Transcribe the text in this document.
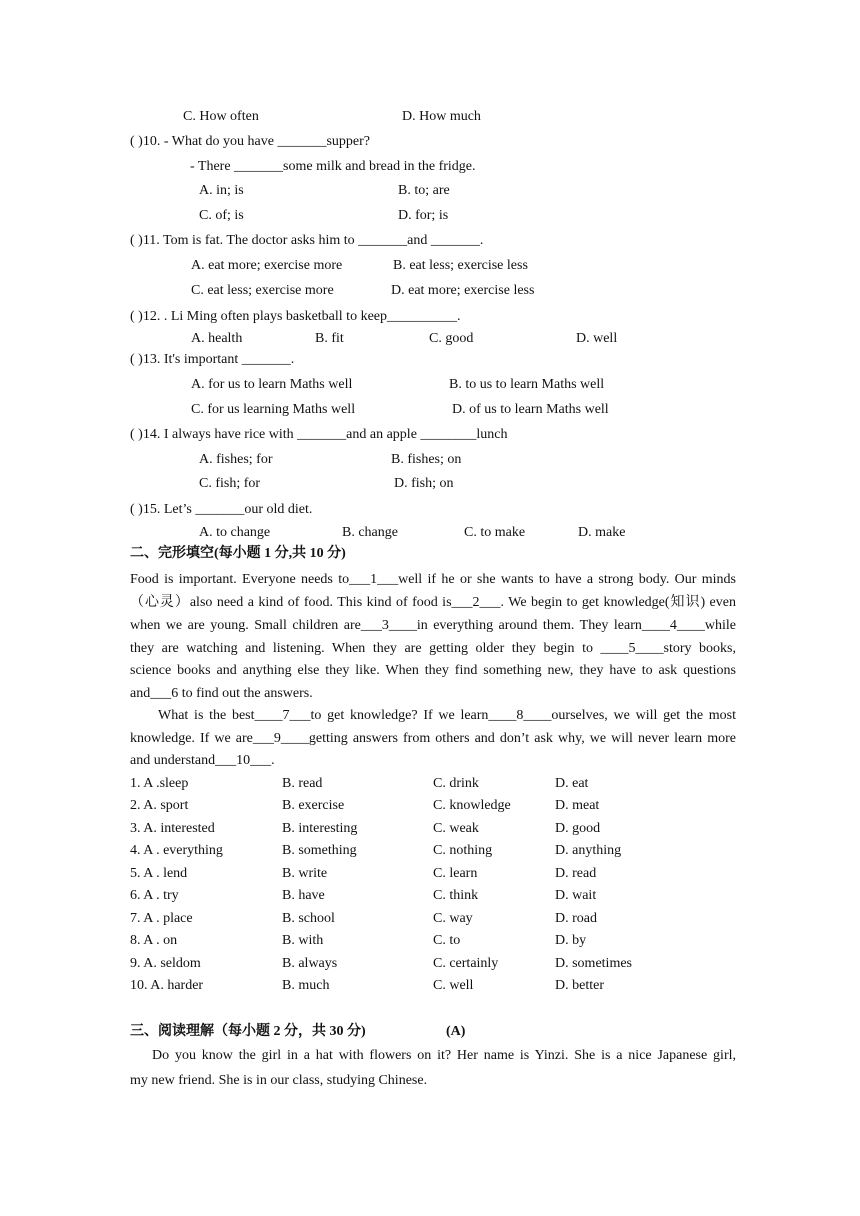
C. How often	D. How much
( )10. - What do you have _______supper?
- There _______some milk and bread in the fridge.
A. in; is	B. to; are
C. of; is	D. for; is
( )11. Tom is fat. The doctor asks him to _______and _______.
A. eat more; exercise more	B. eat less; exercise less
C. eat less; exercise more	D. eat more; exercise less
( )12. . Li Ming often plays basketball to keep__________.
A. health	B. fit	C. good	D. well
( )13. It's important _______.
A. for us to learn Maths well	B. to us to learn Maths well
C. for us learning Maths well	D. of us to learn Maths well
( )14. I always have rice with _______and an apple ________lunch
A. fishes; for	B. fishes; on
C. fish; for	D. fish; on
( )15. Let’s _______our old diet.
A. to change	B. change	C. to make	D. make
二、完形填空(每小题 1 分,共 10 分)
Food is important. Everyone needs to___1___well if he or she wants to have a strong body. Our minds
（心灵）also need a kind of food. This kind of food is___2___. We begin to get knowledge(知识) even
when we are young. Small children are___3____in everything around them. They learn____4____while
they are watching and listening. When they are getting older they begin to ____5____story books,
science books and anything else they like. When they find something new, they have to ask questions
and___6 to find out the answers.
What is the best____7___to get knowledge? If we learn____8____ourselves, we will get the most
knowledge. If we are___9____getting answers from others and don’t ask why, we will never learn more
and understand___10___.
1. A .sleep	B. read	C. drink	D. eat
2. A. sport	B. exercise	C. knowledge	D. meat
3. A. interested	B. interesting	C. weak	D. good
4. A . everything	B. something	C. nothing	D. anything
5. A . lend	B. write	C. learn	D. read
6. A . try	B. have	C. think	D. wait
7. A . place	B. school	C. way	D. road
8. A . on	B. with	C. to	D. by
9. A. seldom	B. always	C. certainly	D. sometimes
10. A. harder	B. much	C. well	D. better
三、阅读理解（每小题 2 分，共 30 分)	(A)
Do you know the girl in a hat with flowers on it? Her name is Yinzi. She is a nice Japanese girl,
my new friend. She is in our class, studying Chinese.
